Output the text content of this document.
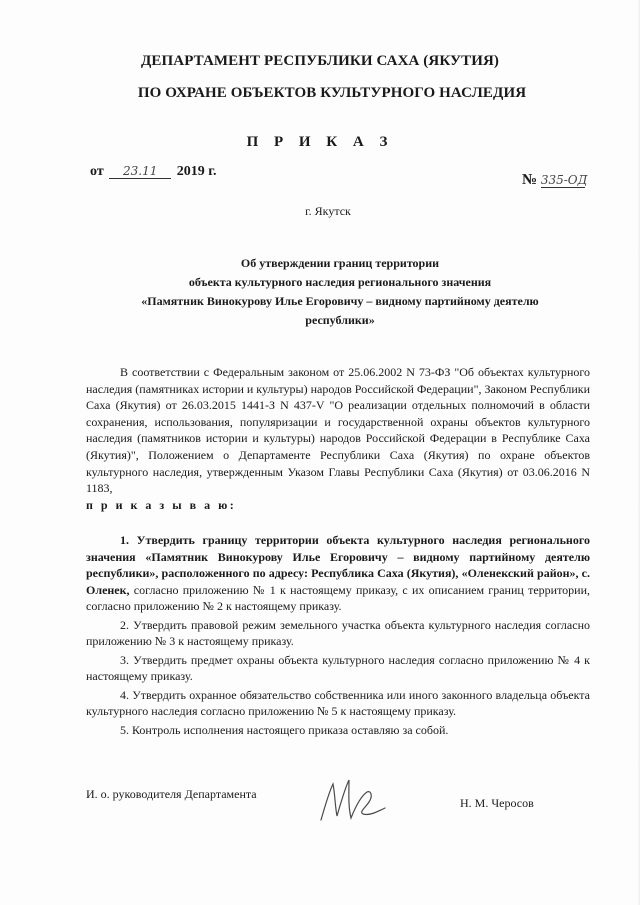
ДЕПАРТАМЕНТ РЕСПУБЛИКИ САХА (ЯКУТИЯ)
ПО ОХРАНЕ ОБЪЕКТОВ КУЛЬТУРНОГО НАСЛЕДИЯ
П Р И К А З
от 23.11 2019 г.
№ 335-ОД
г. Якутск
Об утверждении границ территории
объекта культурного наследия регионального значения
«Памятник Винокурову Илье Егоровичу – видному партийному деятелю
республики»
В соответствии с Федеральным законом от 25.06.2002 N 73-ФЗ "Об объектах культурного наследия (памятниках истории и культуры) народов Российской Федерации", Законом Республики Саха (Якутия) от 26.03.2015 1441-З N 437-V "О реализации отдельных полномочий в области сохранения, использования, популяризации и государственной охраны объектов культурного наследия (памятников истории и культуры) народов Российской Федерации в Республике Саха (Якутия)", Положением о Департаменте Республики Саха (Якутия) по охране объектов культурного наследия, утвержденным Указом Главы Республики Саха (Якутия) от 03.06.2016 N 1183,
п р и к а з ы в а ю:

1. Утвердить границу территории объекта культурного наследия регионального значения «Памятник Винокурову Илье Егоровичу – видному партийному деятелю республики», расположенного по адресу: Республика Саха (Якутия), «Оленекский район», с. Оленек, согласно приложению № 1 к настоящему приказу, с их описанием границ территории, согласно приложению № 2 к настоящему приказу.

2. Утвердить правовой режим земельного участка объекта культурного наследия согласно приложению № 3 к настоящему приказу.

3. Утвердить предмет охраны объекта культурного наследия согласно приложению № 4 к настоящему приказу.

4. Утвердить охранное обязательство собственника или иного законного владельца объекта культурного наследия согласно приложению № 5 к настоящему приказу.

5. Контроль исполнения настоящего приказа оставляю за собой.

И. о. руководителя Департамента
Н. М. Черосов
